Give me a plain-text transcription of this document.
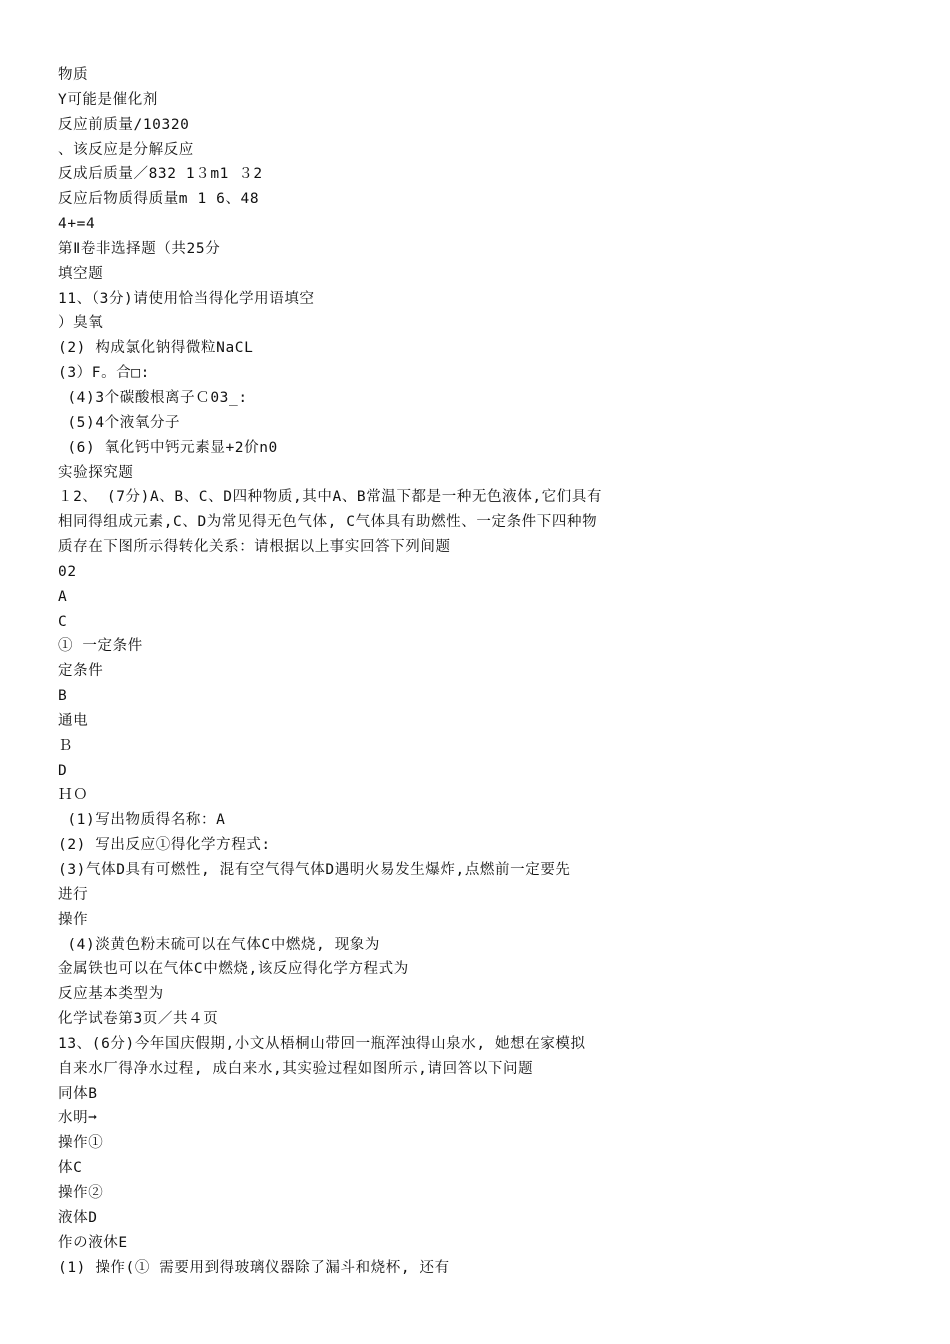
物质
Y可能是催化剂
反应前质量/10320
、该反应是分解反应
反成后质量／832 1３m1 ３2
反应后物质得质量m 1 6、48
4+=4
第Ⅱ卷非选择题（共25分
填空题
11、（3分)请使用恰当得化学用语填空
）臭氧
(2) 构成氯化钠得微粒NaCL
(3）F。合□:
(4)3个碳酸根离子Ｃ03_:
(5)4个液氧分子
(6) 氧化钙中钙元素显+2价n0
实验探究题
１2、 (7分)A、B、C、D四种物质,其中A、B常温下都是一种无色液体,它们具有
相同得组成元素,C、D为常见得无色气体, C气体具有助燃性、一定条件下四种物
质存在下图所示得转化关系：请根据以上事实回答下列间题
02
A
C
① 一定条件
定条件
B
通电
Ｂ
D
ＨＯ
(1)写出物质得名称：A
(2) 写出反应①得化学方程式:
(3)气体D具有可燃性, 混有空气得气体D遇明火易发生爆炸,点燃前一定要先
进行
操作
(4)淡黄色粉末硫可以在气体C中燃烧, 现象为
金属铁也可以在气体C中燃烧,该反应得化学方程式为
反应基本类型为
化学试卷第3页／共４页
13、(6分)今年国庆假期,小文从梧桐山带回一瓶浑浊得山泉水, 她想在家模拟
自来水厂得净水过程, 成白来水,其实验过程如图所示,请回答以下问题
同体B
水明➞
操作①
体C
操作②
液体D
作の液休E
(1) 操作(① 需要用到得玻璃仪器除了漏斗和烧杯, 还有
